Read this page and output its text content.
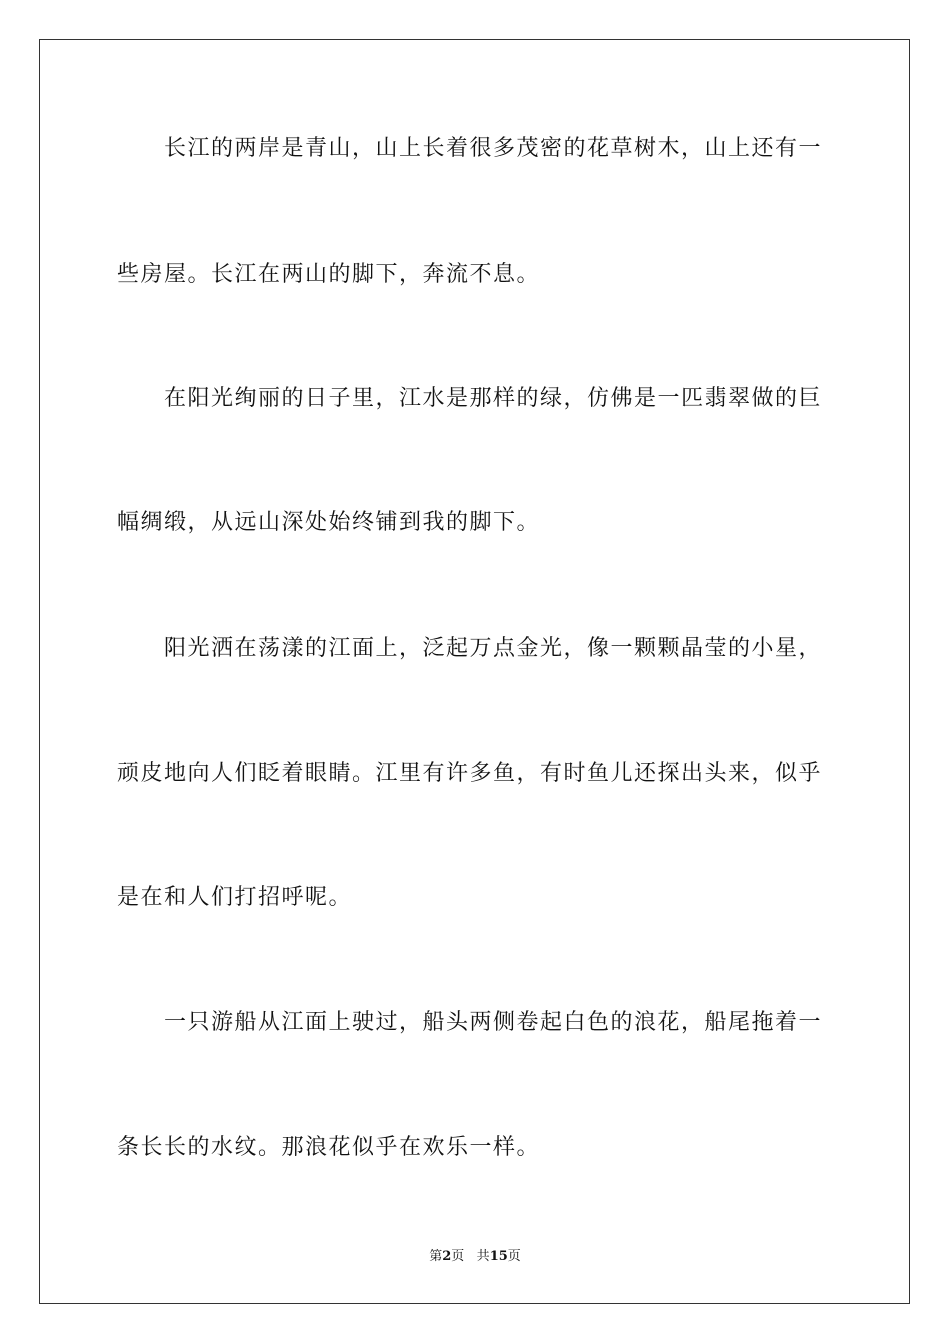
长江的两岸是青山，山上长着很多茂密的花草树木，山上还有一
些房屋。长江在两山的脚下，奔流不息。
在阳光绚丽的日子里，江水是那样的绿，仿佛是一匹翡翠做的巨
幅绸缎，从远山深处始终铺到我的脚下。
阳光洒在荡漾的江面上，泛起万点金光，像一颗颗晶莹的小星，
顽皮地向人们眨着眼睛。江里有许多鱼，有时鱼儿还探出头来，似乎
是在和人们打招呼呢。
一只游船从江面上驶过，船头两侧卷起白色的浪花，船尾拖着一
条长长的水纹。那浪花似乎在欢乐一样。
第2页 共15页
